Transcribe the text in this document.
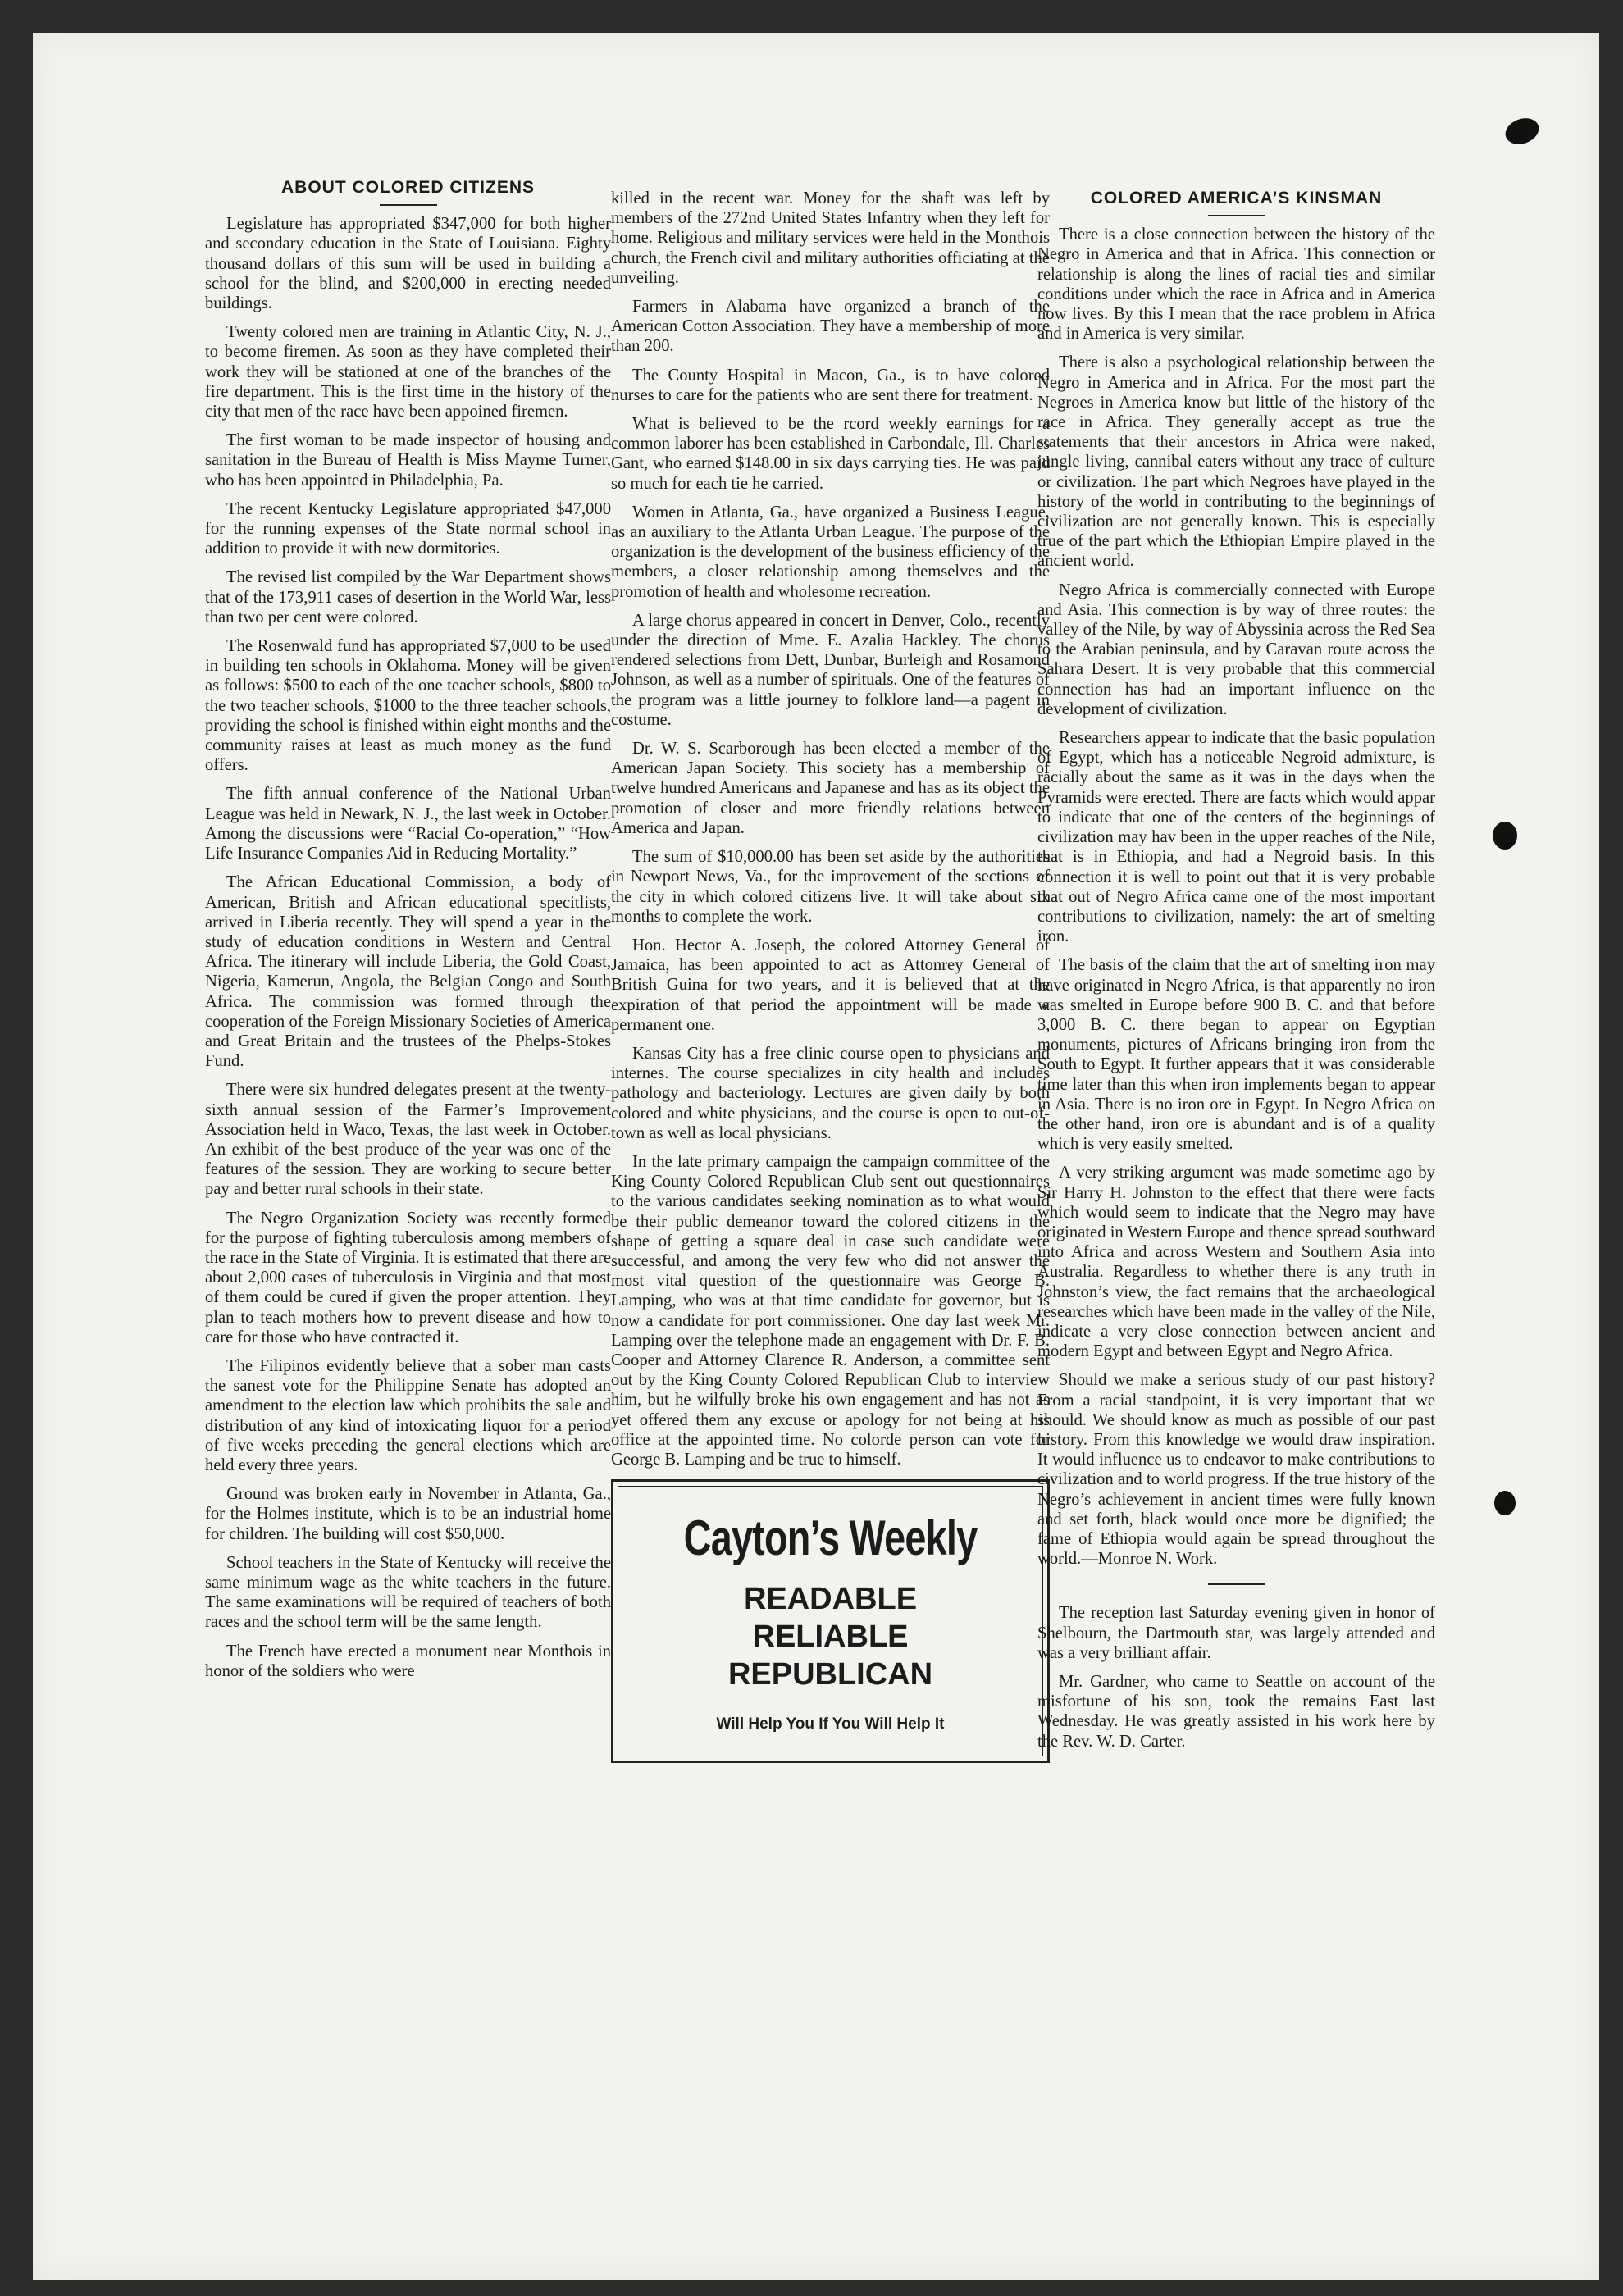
ABOUT COLORED CITIZENS

Legislature has appropriated $347,000 for both higher and secondary education in the State of Louisiana. Eighty thousand dollars of this sum will be used in building a school for the blind, and $200,000 in erecting needed buildings.

Twenty colored men are training in Atlantic City, N. J., to become firemen. As soon as they have completed their work they will be stationed at one of the branches of the fire department. This is the first time in the history of the city that men of the race have been appoined firemen.

The first woman to be made inspector of housing and sanitation in the Bureau of Health is Miss Mayme Turner, who has been appointed in Philadelphia, Pa.

The recent Kentucky Legislature appropriated $47,000 for the running expenses of the State normal school in addition to provide it with new dormitories.

The revised list compiled by the War Department shows that of the 173,911 cases of desertion in the World War, less than two per cent were colored.

The Rosenwald fund has appropriated $7,000 to be used in building ten schools in Oklahoma. Money will be given as follows: $500 to each of the one teacher schools, $800 to the two teacher schools, $1000 to the three teacher schools, providing the school is finished within eight months and the community raises at least as much money as the fund offers.

The fifth annual conference of the National Urban League was held in Newark, N. J., the last week in October. Among the discussions were “Racial Co-operation,” “How Life Insurance Companies Aid in Reducing Mortality.”

The African Educational Commission, a body of American, British and African educational specitlists, arrived in Liberia recently. They will spend a year in the study of education conditions in Western and Central Africa. The itinerary will include Liberia, the Gold Coast, Nigeria, Kamerun, Angola, the Belgian Congo and South Africa. The commission was formed through the cooperation of the Foreign Missionary Societies of America and Great Britain and the trustees of the Phelps-Stokes Fund.

There were six hundred delegates present at the twenty-sixth annual session of the Farmer’s Improvement Association held in Waco, Texas, the last week in October. An exhibit of the best produce of the year was one of the features of the session. They are working to secure better pay and better rural schools in their state.

The Negro Organization Society was recently formed for the purpose of fighting tuberculosis among members of the race in the State of Virginia. It is estimated that there are about 2,000 cases of tuberculosis in Virginia and that most of them could be cured if given the proper attention. They plan to teach mothers how to prevent disease and how to care for those who have contracted it.

The Filipinos evidently believe that a sober man casts the sanest vote for the Philippine Senate has adopted an amendment to the election law which prohibits the sale and distribution of any kind of intoxicating liquor for a period of five weeks preceding the general elections which are held every three years.

Ground was broken early in November in Atlanta, Ga., for the Holmes institute, which is to be an industrial home for children. The building will cost $50,000.

School teachers in the State of Kentucky will receive the same minimum wage as the white teachers in the future. The same examinations will be required of teachers of both races and the school term will be the same length.

The French have erected a monument near Monthois in honor of the soldiers who were

killed in the recent war. Money for the shaft was left by members of the 272nd United States Infantry when they left for home. Religious and military services were held in the Monthois church, the French civil and military authorities officiating at the unveiling.

Farmers in Alabama have organized a branch of the American Cotton Association. They have a membership of more than 200.

The County Hospital in Macon, Ga., is to have colored nurses to care for the patients who are sent there for treatment.

What is believed to be the rcord weekly earnings for a common laborer has been established in Carbondale, Ill. Charles Gant, who earned $148.00 in six days carrying ties. He was paid so much for each tie he carried.

Women in Atlanta, Ga., have organized a Business League, as an auxiliary to the Atlanta Urban League. The purpose of the organization is the development of the business efficiency of the members, a closer relationship among themselves and the promotion of health and wholesome recreation.

A large chorus appeared in concert in Denver, Colo., recently under the direction of Mme. E. Azalia Hackley. The chorus rendered selections from Dett, Dunbar, Burleigh and Rosamond Johnson, as well as a number of spirituals. One of the features of the program was a little journey to folklore land—a pagent in costume.

Dr. W. S. Scarborough has been elected a member of the American Japan Society. This society has a membership of twelve hundred Americans and Japanese and has as its object the promotion of closer and more friendly relations between America and Japan.

The sum of $10,000.00 has been set aside by the authorities in Newport News, Va., for the improvement of the sections of the city in which colored citizens live. It will take about six months to complete the work.

Hon. Hector A. Joseph, the colored Attorney General of Jamaica, has been appointed to act as Attonrey General of British Guina for two years, and it is believed that at the expiration of that period the appointment will be made a permanent one.

Kansas City has a free clinic course open to physicians and internes. The course specializes in city health and includes pathology and bacteriology. Lectures are given daily by both colored and white physicians, and the course is open to out-of-town as well as local physicians.

In the late primary campaign the campaign committee of the King County Colored Republican Club sent out questionnaires to the various candidates seeking nomination as to what would be their public demeanor toward the colored citizens in the shape of getting a square deal in case such candidate were successful, and among the very few who did not answer the most vital question of the questionnaire was George B. Lamping, who was at that time candidate for governor, but is now a candidate for port commissioner. One day last week Mr. Lamping over the telephone made an engagement with Dr. F. B. Cooper and Attorney Clarence R. Anderson, a committee sent out by the King County Colored Republican Club to interview him, but he wilfully broke his own engagement and has not as yet offered them any excuse or apology for not being at his office at the appointed time. No colorde person can vote for George B. Lamping and be true to himself.

Cayton’s Weekly
READABLE
RELIABLE
REPUBLICAN
Will Help You If You Will Help It
COLORED AMERICA’S KINSMAN

There is a close connection between the history of the Negro in America and that in Africa. This connection or relationship is along the lines of racial ties and similar conditions under which the race in Africa and in America now lives. By this I mean that the race problem in Africa and in America is very similar.

There is also a psychological relationship between the Negro in America and in Africa. For the most part the Negroes in America know but little of the history of the race in Africa. They generally accept as true the statements that their ancestors in Africa were naked, jungle living, cannibal eaters without any trace of culture or civilization. The part which Negroes have played in the history of the world in contributing to the beginnings of civilization are not generally known. This is especially true of the part which the Ethiopian Empire played in the ancient world.

Negro Africa is commercially connected with Europe and Asia. This connection is by way of three routes: the valley of the Nile, by way of Abyssinia across the Red Sea to the Arabian peninsula, and by Caravan route across the Sahara Desert. It is very probable that this commercial connection has had an important influence on the development of civilization.

Researchers appear to indicate that the basic population of Egypt, which has a noticeable Negroid admixture, is racially about the same as it was in the days when the Pyramids were erected. There are facts which would appar to indicate that one of the centers of the beginnings of civilization may hav been in the upper reaches of the Nile, that is in Ethiopia, and had a Negroid basis. In this connection it is well to point out that it is very probable that out of Negro Africa came one of the most important contributions to civilization, namely: the art of smelting iron.

The basis of the claim that the art of smelting iron may have originated in Negro Africa, is that apparently no iron was smelted in Europe before 900 B. C. and that before 3,000 B. C. there began to appear on Egyptian monuments, pictures of Africans bringing iron from the South to Egypt. It further appears that it was considerable time later than this when iron implements began to appear in Asia. There is no iron ore in Egypt. In Negro Africa on the other hand, iron ore is abundant and is of a quality which is very easily smelted.

A very striking argument was made sometime ago by Sir Harry H. Johnston to the effect that there were facts which would seem to indicate that the Negro may have originated in Western Europe and thence spread southward into Africa and across Western and Southern Asia into Australia. Regardless to whether there is any truth in Johnston’s view, the fact remains that the archaeological researches which have been made in the valley of the Nile, indicate a very close connection between ancient and modern Egypt and between Egypt and Negro Africa.

Should we make a serious study of our past history? From a racial standpoint, it is very important that we should. We should know as much as possible of our past history. From this knowledge we would draw inspiration. It would influence us to endeavor to make contributions to civilization and to world progress. If the true history of the Negro’s achievement in ancient times were fully known and set forth, black would once more be dignified; the fame of Ethiopia would again be spread throughout the world.—Monroe N. Work.

The reception last Saturday evening given in honor of Shelbourn, the Dartmouth star, was largely attended and was a very brilliant affair.

Mr. Gardner, who came to Seattle on account of the misfortune of his son, took the remains East last Wednesday. He was greatly assisted in his work here by the Rev. W. D. Carter.
